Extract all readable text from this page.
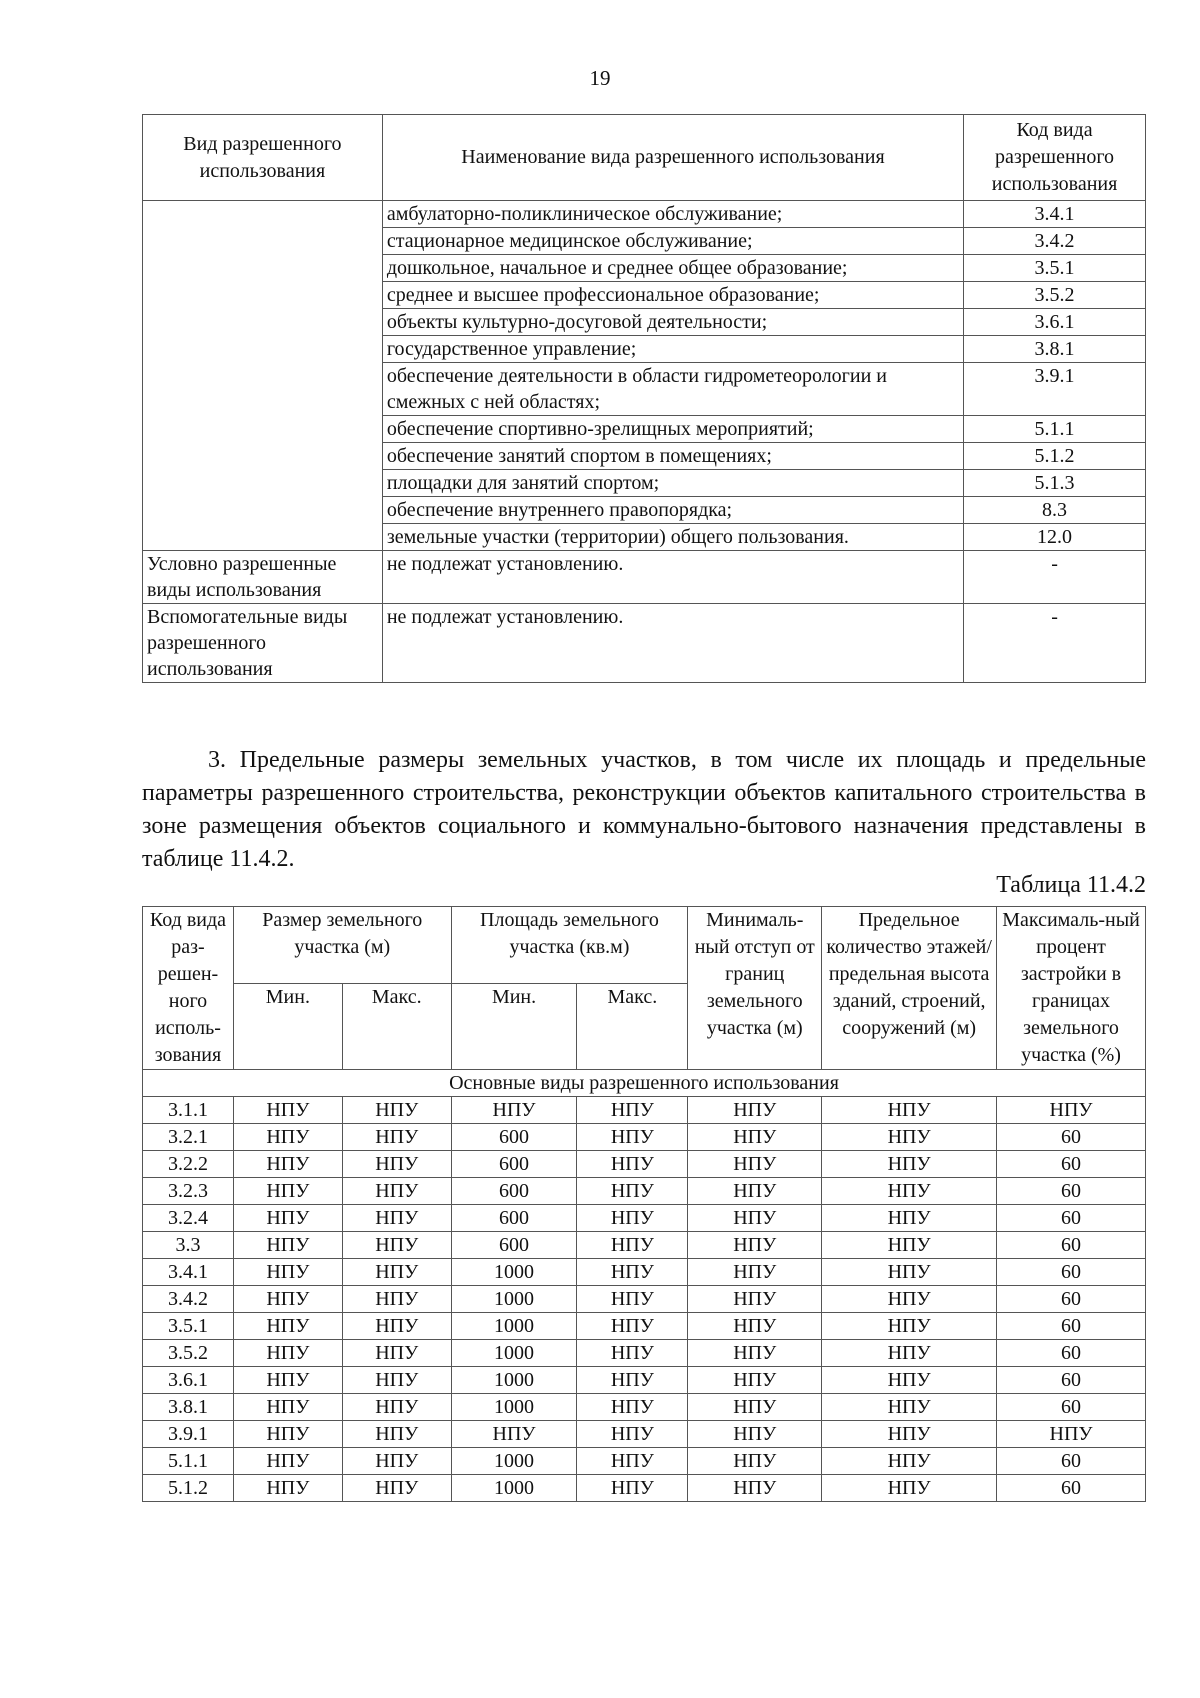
19
Вид разрешенного использования	Наименование вида разрешенного использования	Код вида разрешенного использования
	амбулаторно-поликлиническое обслуживание;	3.4.1
	стационарное медицинское обслуживание;	3.4.2
	дошкольное, начальное и среднее общее образование;	3.5.1
	среднее и высшее профессиональное образование;	3.5.2
	объекты культурно-досуговой деятельности;	3.6.1
	государственное управление;	3.8.1
	обеспечение деятельности в области гидрометеорологии и смежных с ней областях;	3.9.1
	обеспечение спортивно-зрелищных мероприятий;	5.1.1
	обеспечение занятий спортом в помещениях;	5.1.2
	площадки для занятий спортом;	5.1.3
	обеспечение внутреннего правопорядка;	8.3
	земельные участки (территории) общего пользования.	12.0
Условно разрешенные виды использования	не подлежат установлению.	-
Вспомогательные виды разрешенного использования	не подлежат установлению.	-
3. Предельные размеры земельных участков, в том числе их площадь и предельные параметры разрешенного строительства, реконструкции объектов капитального строительства в зоне размещения объектов социального и коммунально-бытового назначения представлены в таблице 11.4.2.
Таблица 11.4.2
Код вида раз-решен-ного исполь-зования	Размер земельного участка (м)		Площадь земельного участка (кв.м)		Минималь-ный отступ от границ земельного участка (м)	Предельное количество этажей/ предельная высота зданий, строений, сооружений (м)	Максималь-ный процент застройки в границах земельного участка (%)
	Мин.	Макс.	Мин.	Макс.			
Основные виды разрешенного использования							
3.1.1	НПУ	НПУ	НПУ	НПУ	НПУ	НПУ	НПУ
3.2.1	НПУ	НПУ	600	НПУ	НПУ	НПУ	60
3.2.2	НПУ	НПУ	600	НПУ	НПУ	НПУ	60
3.2.3	НПУ	НПУ	600	НПУ	НПУ	НПУ	60
3.2.4	НПУ	НПУ	600	НПУ	НПУ	НПУ	60
3.3	НПУ	НПУ	600	НПУ	НПУ	НПУ	60
3.4.1	НПУ	НПУ	1000	НПУ	НПУ	НПУ	60
3.4.2	НПУ	НПУ	1000	НПУ	НПУ	НПУ	60
3.5.1	НПУ	НПУ	1000	НПУ	НПУ	НПУ	60
3.5.2	НПУ	НПУ	1000	НПУ	НПУ	НПУ	60
3.6.1	НПУ	НПУ	1000	НПУ	НПУ	НПУ	60
3.8.1	НПУ	НПУ	1000	НПУ	НПУ	НПУ	60
3.9.1	НПУ	НПУ	НПУ	НПУ	НПУ	НПУ	НПУ
5.1.1	НПУ	НПУ	1000	НПУ	НПУ	НПУ	60
5.1.2	НПУ	НПУ	1000	НПУ	НПУ	НПУ	60
